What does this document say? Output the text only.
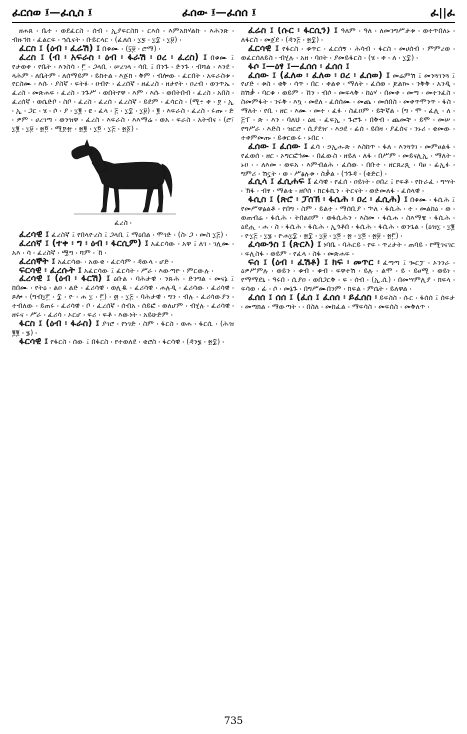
ፈርሰወ ፤—ፈሲስ ፤	ፈሰው ፤—ፈሰሰ ፤	ፈ||ፈ

ዘሐጸ ፡ ቤተ ፡ ወደፈርስ ፡ ሰብ ፡ ኢያፍርስክ ፡ ርእሰ ፡ እምአክሃልኩ ፡ እሕንጽ ፡ ብዙኅክ ፡ ፈልርፍ ፡ ኀሲናት ፡ ቡይርላር ፡ (ፈለሰ ፡ ፲፯ ፡ ፲፰ ፡ ፲፱) ፡

ፈርስ ፤ (ዕብ ፡ ፈሬሽ) ፤ በቁሙ ፡ (፶፱ ፡ ሮማ) ፡

ፈረስ ፤ (ብ ፡ አፍራስ ፡ ዕብ ፡ ፋራሽ ፡ ዐረ ፡ ፈረስ) ፤ በቁሙ ፤ የታወቀ ፡ የቤት ፡ እንስሳ ፡ ፫ ፡ ጋላቢ ፡ ሠረገላ ፡ ሳቢ ፤ በንጉ ፡ ድንጉ ፡ ብሻል ፡ እንደ ፡ ላሕም ፡ ለቤትም ፡ ለሰማይም ፡ ይከተል ፡ እጅክ ፡ ቅም ፡ ብሎው ፡ ፈርበት ፡ አፍራስቱ ፡ የርስሙ ፡ እሱ ፡ ያስኛ ፡ ፍትፉ ፡ ዐብዮ ፡ ፈረሰኛ ፡ ዘፈረስ ፡ ዘታየት ፡ ዐረብ ፡ ወንጥኤ ፡ ፈረስ ፡ መጽሐፍ ፡ ፈረስ ፡ ንጉሥ ፡ ወበትየዋ ፡ እም ፡ እሱ ፡ ወበትበብ ፡ ፈረስ ፡ አበስ ፡ ፈረሰኛ ፡ ወሴድቦ ፡ ስቦ ፡ ፈረስ ፡ ፈረሰ ፡ ፈረስኛ ፡ ይደም ፡ ፈሳርስ ፡ (ሚ፥ ቀ ፡ ፻ ፡ ኢ ፡ ኢ ፡ ጋር ፡ ሄ ፡ ሶ ፡ ያ ፡ ፲፪ ፡ ዩ ፡ ፈላ ፡ ፭ ፡ ፲፰ ፡ ፲፱) ፡ ፪ ፡ እፍራስ ፡ ፈረስ ፡ ሩጡ ፡ ድ ፡ ዎም ፡ ሀረገጣ ፡ ወንዝዋ ፡ ፈረስ ፡ እፍራስ ፡ እእማሬ ፡ ወአ ፡ ፍራስ ፡ አትብና ፡ (ሮ፣ ፲፪ ፡ ፲፱ ፡ ፳፬ ፡ ሚ፻፹ ፡ ፳፪ ፡ ፲፬ ፡ ፲፭ ፡ ፳፩) ፡

ፈረስ ፡

ፈረሳዊ ፤ ፈረስኛ ፤ የበላዮረስ ፤ ጋላቢ ፤ ማዕበል ፡ ሞገድ ፡ (ስ፡ ጋ ፡ መስ ፲፭) ፡

ፈረሰኛ ፤ (ተቀ ፡ ግ ፡ ዕብ ፡ ፋርሲም) ፤ አፈርሳው ፡ አዋ ፤ ለገ ፡ ገሊሙ ፡ አእ ፡ ሳ ፡ ፈረስኛ ፡ ሟግ ፡ ሻም ፡ ኸ ፡

ፈረሰኞት ፤ አፈርሳው ፡ አውቂ ፡ ፈርሳም ፡ ዳውላ ፡ ሆድ ፡

ፍርሳዊ ፡ ፈረሱት ፤ አፈርሳው ፤ ፈርሳት ፡ ሥራ ፡ እውጣዮ ፡ ምርውሉ ፡

ፈረሳዊ ፤ (ዕብ ፡ ፋርሽ) ፤ ዕቡል ፡ ባሕታዊ ፡ ንጹሕ ፡ ድንግል ፡ መናኔ ፤ ከበሙ ፡ የትዕ ፡ ልዐ ፡ ልድ ፡ ፈሪሳዊ ፡ ወሊዱ ፡ ፈሪሳዊ ፡ ሐሉዲ ፡ ፈሪሳው ፡ ፈሪሳዊ ፡ ጾሎ ፡ (ግብ፲፫ ፡ ፰ ፡ ዮ ፡ ሐ ፲ ፡ ፫) ፡ ፴ ፡ ፲፭ ፡ ባሕታዊ ፡ ግን ፡ ብሉ ፡ ፈሪሳውያን ፡ ተብለው ፡ ይጠሩ ፡ ፈሪሳዊ ፡ ቦ ፡ ፈረሰኛ ፡ ሰብአ ፡ ሰይፎ ፡ ወለሆም ፡ ብሂሉ ፡ ፈሪሳዊ ፡ ዘሩና ፡ ሥራ ፡ ፈሪሳ ፡ ኦርሆ ፡ ፍሪ ፡ ፍቶ ፡ እውነት ፡ አይሁድም ፡

ፋርስ ፤ (ዕብ ፡ ፋራስ) ፤ ያገሮ ፡ የነገድ ፡ ስም ፡ ፋርስ ፡ ወሐ ፡ ፋርሲ ፡ (ሕዝ ፪፪ ፡ ፮) ፡

ፋርሳዊ ፤ የፋርስ ፡ ሰው ፤ በፋርስ ፡ የተወለደ ፡ ቂሮስ ፡ ፋርሳዊ ፡ (ዳን፮ ፡ ፳፰) ፡

ፈሬስ ፤ (ሱር ፡ ፋርሲን) ፤ ዓለም ፡ ዓለ ፡ ለመንግሥታቱ ፡ ወተጥበለኑ ፡ ለፋርስ ፡ መጀደ ፡ (ዳን፭ ፡ ፳፰) ፡

ፈርሳዊ ፤ የፋርስ ፡ ቁጥር ፡ ፈርሰኝ ፡ ሕሳብ ፡ ፋርስ ፡ መሀሰብ ፡ ምምረወ ፡ ወፈርሰለይስ ፡ ብሂሉ ፡ አዘ ፡ ባዐት ፡ ያመይፋርስ ፡ (ሄ ፡ ቀ ፡ ለ ፡ ፲፰) ፡

ፋሶ ፤—ዕፃ ፤—ፈሰሰ ፡ ፈሰሰ ፤

ፈሰው ፤ (ፈለወ ፡ ፈለወ ፡ ዐረ ፡ ፈሰወ) ፤ መሬምሽ ፤ መንጓገንጓ ፤ የሆድ ፡ ቱስ ፡ ቂቅ ፡ ሳጥ ፡ በር ፡ ቀልቀ ፡ ማለት ፡ ፈሰወ ፡ ጆልኰ ፡ ንቅቅ ፡ አንዲ ፡ ከሽቃ ፡ ባርቁ ፡ ወይም ፡ ኸን ፡ ብሶ ፡ መፍላቅ ፡ ከዕሃ ፡ በመቀ ፡ መጣ ፡ መተንፈስ ፡ ስመምፋት ፡ ንሩቅ ፡ እኳ ፡ መደለ ፡ ፈሰሰሙ ፡ መጨ ፡ መሰበስ ፡ መቀጥሞንጥ ፡ ፋስ ፡ ማለት ፡ የቢ ፡ ዘር ፡ እሙ ፡ መተ ፡ ፈፉ ፡ ስፈዐም ፡ ይቸኛል ፡ (ግ ፡ ሞ ፡ ፈሊ ፡ ለ ፡ ፭ፐ ፡ ጽ ፡ እን ፡ ባለህ ፡ ዕዚ ፡ ፈፍኢ ፡ ጉሮጉ ፡ በቅብ ፡ ጨመቸ ፡ ይሞ ፡ መሠ ፡ የግሥራ ፡ እድስ ፡ ዝርሮ ፡ ሲያደዠ ፡ እኃደ ፡ ፊሰ ፡ ይበዛ ፡ ያፈሰና ፡ ንኑሪ ፡ ቂመው ፡ ተቀምመጡ ፡ ይቱርውሩ ፡ ኑበር ፡

ፈሰው ፤ ፈሰው ፤ ፈሳ ፡ ኃኢሑጽ ፡ እስከጥ ፡ ፋለ ፡ እንጓጎገ ፡ መምፀልፋ ፡ የፈወሰ ፡ ዘር ፡ ኦግርፎኅሙ ፡ በፈውስ ፡ ዘይለ ፡ ለፋ ፡ በሥም ፡ መይናሊኢ ፡ ማለት ፡ ኑዐ ፡ ፡ ለእመ ፡ ወፍአ ፡ እምብልሕ ፡ ፈሰው ፡ በቡተ ፡ ዘርጸረጺ ፡ ባፀ ፡ ፊኢፉ ፡ ግምሪ ፡ ሽኗት ፡ ወ ፡ ሥፅሉቱ ፡ ስቃል ፡ (ኅጉዳ ፡ (ቂድር) ፡

ፈሲላ ፤ ፈሲሐፍ ፤ ፈሳዊ ፡ የፈሰ ፡ ዐይነት ፡ ዐበረ ፤ የፍቶ ፡ የኩራፈ ፡ ግሣት ፡ ኽፋ ፡ ብፃ ፡ ማልቴ ፡ ዘቦሰ ፡ ክርፋኪን ፡ ትርናት ፡ ወድመለፋ ፡ ፈሰላዊ ፡

ፋሲስ ፤ (ጽሮ ፡ ፓሰኽ ፡ ፋሴሕ ፡ ዐረ ፡ ፈሲሕ) ፤ በቁሙ ፡ ፋሲሕ ፤ የመሥዋፅልቶ ፡ የበግ ፡ ስም ፡ ይልተ ፡ ማሰቢያ ፡ ኍለ ፡ ፋሲሕ ፡ ተ ፡ መልከዕ ፡ ወ ፡ ወጠብሬ ፡ ፋሲሕ ፡ ትበልዐም ፡ ወፋሲሕን ፡ እስመ ፡ ፋሲሐ ፡ ስእማዌ ፡ ፋሲሕ ፡ ዕደሒ ፡ ሐ ፡ ስ ፡ ፋሲሕ ፡ ፋሲሕ ፡ ኢጎቶበ ፡ ፋሲሕ ፡ ፋሲሕ ፡ ወንጌል ፡ (ዕዝ፲ ፡ ፲፪ ፡ ዮ፲፭ ፡ ፲፮ ፡ ዮሐ፲፰ ፡ ፳፰ ፡ ፲፱ ፡ ፲፬ ፡ ፳ ፡ ፲፬ ፡ ፳፱ ፡ ፳፫) ፡

ፈሳውንስ ፤ (ጽርእ) ፤ ነባቤ ፡ ባሕርይ ፡ የፍ ፡ ጥረታት ፡ ጠባይ ፡ የሚገናገር ፡ ፍሊስፋ ፡ ወይም ፡ የፈላ ፡ ስፋ ፡ መጽሐፍ ፡

ፍሰ ፤ (ዕብ ፡ ፈሽቶ) ፤ ክፍ ፡ መጥር ፡ ፈጣጣ ፤ ጐርፓ ፡ ኦንንራ ፡ ዕዎሥምሉ ፡ ወይን ፡ ቁብ ፡ ቁብ ፡ ፍዋተሽ ፡ ይሉ ፡ ልሞ ፡ ይ ፡ ይፀሚ ፡ ወይነ ፡ የማማደኒ ፡ ዓሩበ ፡ ሲያዐ ፡ ወበጋርቅ ፡ ፍ ፡ ሰብ ፡ (ኢ.ሲ) ፡ በመሣምሊያ ፡ ክፍላ ፡ ፍሳወ ፡ ፊ ፡ ሶ ፡ መኔጉ ፡ በግሥሙበንም ፡ ክፍል ፡ ምሴት ፡ ይለዋል ፡

ፈሰሰ ፤ ሰሰ ፤ (ፈሰ ፤ ፈሰሰ ፡ ይፈሰስ ፡ ይፍስስ ፡ ሱር ፡ ፋሰሰ ፤ ሰፍታ ፡ መጣክል ፡ ማውጣት ፡ ፡ በስለ ፡ መከፈል ፡ ማፍሳስ ፡ መፍሰስ ፡ መቅለጥ ፡

735
